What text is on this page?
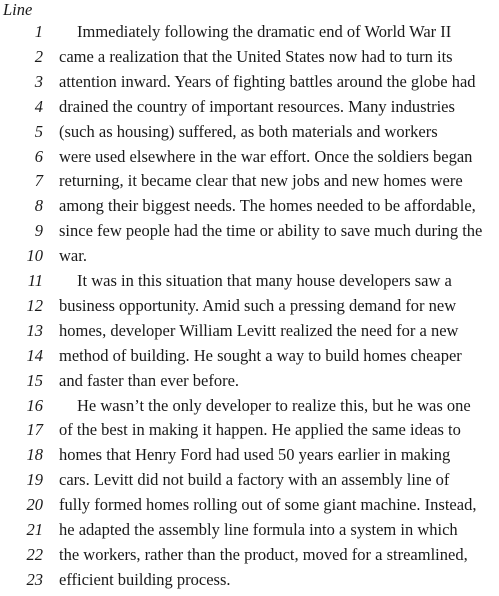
Line
1 Immediately following the dramatic end of World War II
2 came a realization that the United States now had to turn its
3 attention inward. Years of fighting battles around the globe had
4 drained the country of important resources. Many industries
5 (such as housing) suffered, as both materials and workers
6 were used elsewhere in the war effort. Once the soldiers began
7 returning, it became clear that new jobs and new homes were
8 among their biggest needs. The homes needed to be affordable,
9 since few people had the time or ability to save much during the
10 war.
11 It was in this situation that many house developers saw a
12 business opportunity. Amid such a pressing demand for new
13 homes, developer William Levitt realized the need for a new
14 method of building. He sought a way to build homes cheaper
15 and faster than ever before.
16 He wasn’t the only developer to realize this, but he was one
17 of the best in making it happen. He applied the same ideas to
18 homes that Henry Ford had used 50 years earlier in making
19 cars. Levitt did not build a factory with an assembly line of
20 fully formed homes rolling out of some giant machine. Instead,
21 he adapted the assembly line formula into a system in which
22 the workers, rather than the product, moved for a streamlined,
23 efficient building process.
